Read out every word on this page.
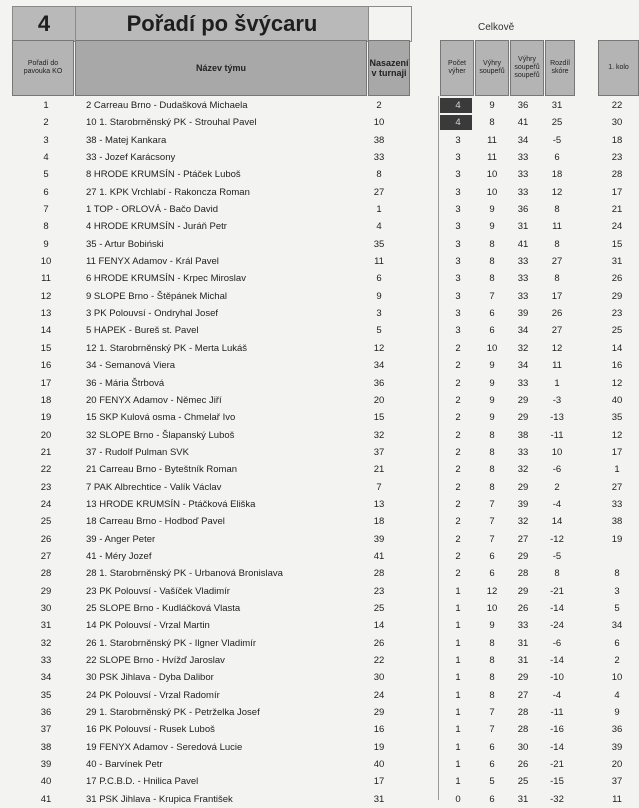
4	Pořadí po švýcaru	Celkově
Pořadí do pavouka KO	Název týmu	Nasazení v turnaji
Počet výher
Výhry soupeřů
Výhry soupeřů soupeřů
Rozdíl skóre
1. kolo
1	2 Carreau Brno - Dudašková Michaela	2	4	9	36	31	22
2	10 1. Starobrněnský PK - Strouhal Pavel	10	4	8	41	25	30
3	38 - Matej Kankara	38	3	11	34	-5	18
4	33 - Jozef Karácsony	33	3	11	33	6	23
5	8 HRODE KRUMSÍN - Ptáček Luboš	8	3	10	33	18	28
6	27 1. KPK Vrchlabí - Rakoncza Roman	27	3	10	33	12	17
7	1 TOP - ORLOVÁ - Bačo David	1	3	9	36	8	21
8	4 HRODE KRUMSÍN - Juráň Petr	4	3	9	31	11	24
9	35 - Artur Bobiński	35	3	8	41	8	15
10	11 FENYX Adamov - Král Pavel	11	3	8	33	27	31
11	6 HRODE KRUMSÍN - Krpec Miroslav	6	3	8	33	8	26
12	9 SLOPE Brno - Štěpánek Michal	9	3	7	33	17	29
13	3 PK Polouvsí - Ondryhal Josef	3	3	6	39	26	23
14	5 HAPEK - Bureš st. Pavel	5	3	6	34	27	25
15	12 1. Starobrněnský PK - Merta Lukáš	12	2	10	32	12	14
16	34 - Semanová Viera	34	2	9	34	11	16
17	36 - Mária Štrbová	36	2	9	33	1	12
18	20 FENYX Adamov - Němec Jiří	20	2	9	29	-3	40
19	15 SKP Kulová osma - Chmelař Ivo	15	2	9	29	-13	35
20	32 SLOPE Brno - Šlapanský Luboš	32	2	8	38	-11	12
21	37 - Rudolf Pulman SVK	37	2	8	33	10	17
22	21 Carreau Brno - Byteštník Roman	21	2	8	32	-6	1
23	7 PAK Albrechtice - Valík Václav	7	2	8	29	2	27
24	13 HRODE KRUMSÍN - Ptáčková Eliška	13	2	7	39	-4	33
25	18 Carreau Brno - Hodboď Pavel	18	2	7	32	14	38
26	39 - Anger Peter	39	2	7	27	-12	19
27	41 - Méry Jozef	41	2	6	29	-5
28	28 1. Starobrněnský PK - Urbanová Bronislava	28	2	6	28	8	8
29	23 PK Polouvsí - Vašíček Vladimír	23	1	12	29	-21	3
30	25 SLOPE Brno - Kudláčková Vlasta	25	1	10	26	-14	5
31	14 PK Polouvsí - Vrzal Martin	14	1	9	33	-24	34
32	26 1. Starobrněnský PK - Ilgner Vladimír	26	1	8	31	-6	6
33	22 SLOPE Brno - Hvížď Jaroslav	22	1	8	31	-14	2
34	30 PSK Jihlava - Dyba Dalibor	30	1	8	29	-10	10
35	24 PK Polouvsí - Vrzal Radomír	24	1	8	27	-4	4
36	29 1. Starobrněnský PK - Petrželka Josef	29	1	7	28	-11	9
37	16 PK Polouvsí - Rusek Luboš	16	1	7	28	-16	36
38	19 FENYX Adamov - Seredová Lucie	19	1	6	30	-14	39
39	40 - Barvínek Petr	40	1	6	26	-21	20
40	17 P.C.B.D. - Hnilica Pavel	17	1	5	25	-15	37
41	31 PSK Jihlava - Krupica František	31	0	6	31	-32	11
